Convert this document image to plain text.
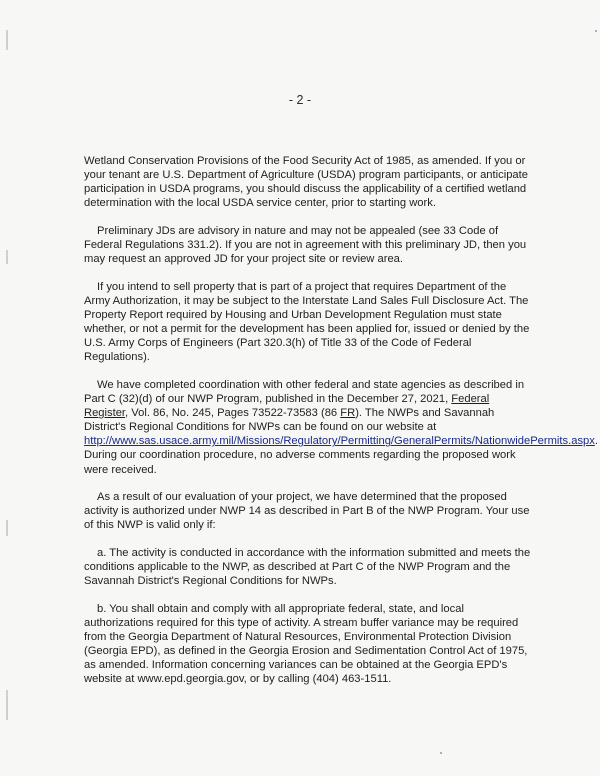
- 2 -

Wetland Conservation Provisions of the Food Security Act of 1985, as amended. If you or your tenant are U.S. Department of Agriculture (USDA) program participants, or anticipate participation in USDA programs, you should discuss the applicability of a certified wetland determination with the local USDA service center, prior to starting work.

Preliminary JDs are advisory in nature and may not be appealed (see 33 Code of Federal Regulations 331.2). If you are not in agreement with this preliminary JD, then you may request an approved JD for your project site or review area.

If you intend to sell property that is part of a project that requires Department of the Army Authorization, it may be subject to the Interstate Land Sales Full Disclosure Act. The Property Report required by Housing and Urban Development Regulation must state whether, or not a permit for the development has been applied for, issued or denied by the U.S. Army Corps of Engineers (Part 320.3(h) of Title 33 of the Code of Federal Regulations).

We have completed coordination with other federal and state agencies as described in Part C (32)(d) of our NWP Program, published in the December 27, 2021, Federal Register, Vol. 86, No. 245, Pages 73522-73583 (86 FR). The NWPs and Savannah District's Regional Conditions for NWPs can be found on our website at http://www.sas.usace.army.mil/Missions/Regulatory/Permitting/GeneralPermits/NationwidePermits.aspx. During our coordination procedure, no adverse comments regarding the proposed work were received.

As a result of our evaluation of your project, we have determined that the proposed activity is authorized under NWP 14 as described in Part B of the NWP Program. Your use of this NWP is valid only if:

a. The activity is conducted in accordance with the information submitted and meets the conditions applicable to the NWP, as described at Part C of the NWP Program and the Savannah District's Regional Conditions for NWPs.

b. You shall obtain and comply with all appropriate federal, state, and local authorizations required for this type of activity. A stream buffer variance may be required from the Georgia Department of Natural Resources, Environmental Protection Division (Georgia EPD), as defined in the Georgia Erosion and Sedimentation Control Act of 1975, as amended. Information concerning variances can be obtained at the Georgia EPD's website at www.epd.georgia.gov, or by calling (404) 463-1511.
